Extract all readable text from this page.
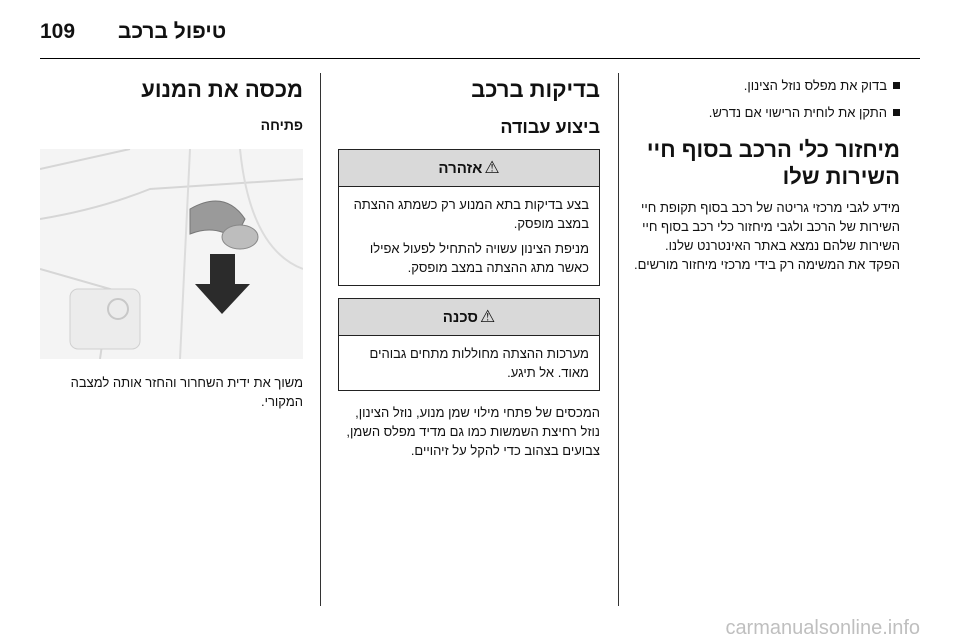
109 טיפול ברכב
בדוק את מפלס נוזל הצינון.
התקן את לוחית הרישוי אם נדרש.
מיחזור כלי הרכב בסוף חיי השירות שלו

מידע לגבי מרכזי גריטה של רכב בסוף תקופת חיי השירות של הרכב ולגבי מיחזור כלי רכב בסוף חיי השירות שלהם נמצא באתר האינטרנט שלנו. הפקד את המשימה רק בידי מרכזי מיחזור מורשים.

בדיקות ברכב
ביצוע עבודה
⚠אזהרה

בצע בדיקות בתא המנוע רק כשמתג ההצתה במצב מופסק.

מניפת הצינון עשויה להתחיל לפעול אפילו כאשר מתג ההצתה במצב מופסק.

⚠סכנה

מערכות ההצתה מחוללות מתחים גבוהים מאוד. אל תיגע.

המכסים של פתחי מילוי שמן מנוע, נוזל הצינון, נוזל רחיצת השמשות כמו גם מדיד מפלס השמן, צבועים בצהוב כדי להקל על זיהויים.

מכסה את המנוע
פתיחה

משוך את ידית השחרור והחזר אותה למצבה המקורי.

carmanualsonline.info
